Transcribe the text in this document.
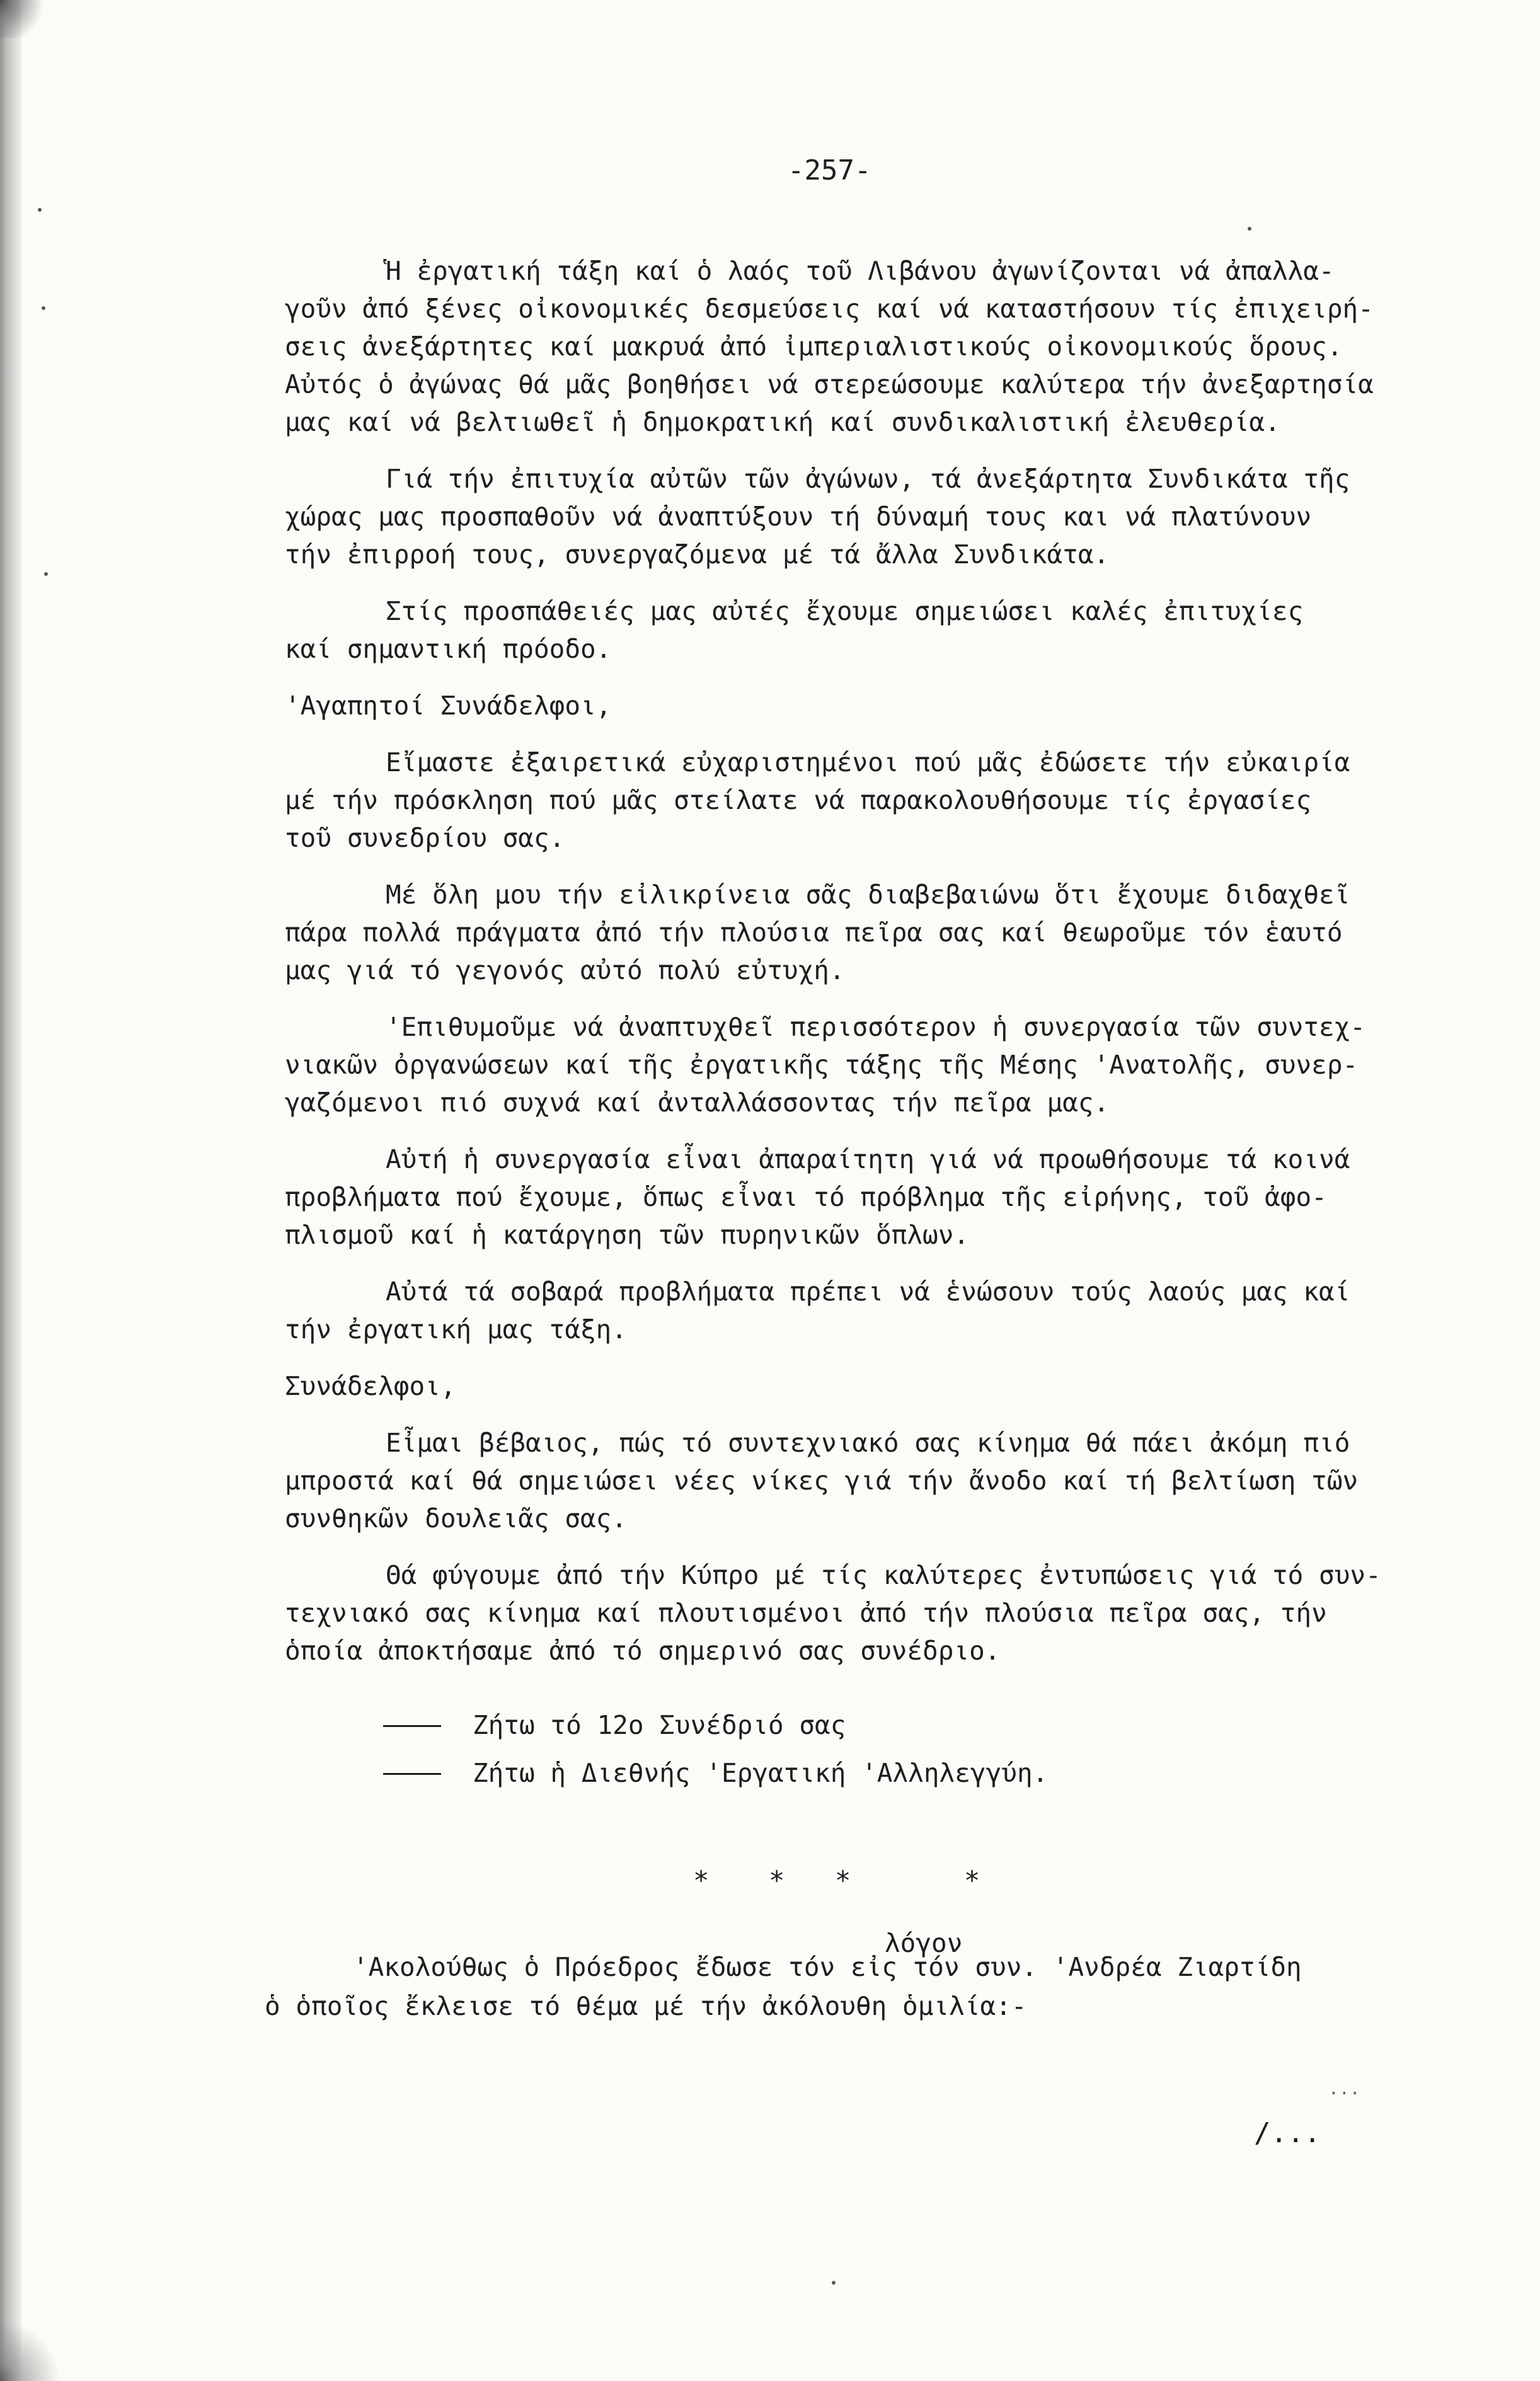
-257-
Ἡ ἐργατική τάξη καί ὁ λαός τοῦ Λιβάνου ἀγωνίζονται νά ἀπαλλα-
γοῦν ἀπό ξένες οἰκονομικές δεσμεύσεις καί νά καταστήσουν τίς ἐπιχειρή-
σεις ἀνεξάρτητες καί μακρυά ἀπό ἰμπεριαλιστικούς οἰκονομικούς ὅρους.
Αὐτός ὁ ἀγώνας θά μᾶς βοηθήσει νά στερεώσουμε καλύτερα τήν ἀνεξαρτησία
μας καί νά βελτιωθεῖ ἡ δημοκρατική καί συνδικαλιστική ἐλευθερία.
Γιά τήν ἐπιτυχία αὐτῶν τῶν ἀγώνων, τά ἀνεξάρτητα Συνδικάτα τῆς
χώρας μας προσπαθοῦν νά ἀναπτύξουν τή δύναμή τους και νά πλατύνουν
τήν ἐπιρροή τους, συνεργαζόμενα μέ τά ἄλλα Συνδικάτα.
Στίς προσπάθειές μας αὐτές ἔχουμε σημειώσει καλές ἐπιτυχίες
καί σημαντική πρόοδο.
'Αγαπητοί Συνάδελφοι,
Εἴμαστε ἐξαιρετικά εὐχαριστημένοι πού μᾶς ἐδώσετε τήν εὐκαιρία
μέ τήν πρόσκληση πού μᾶς στείλατε νά παρακολουθήσουμε τίς ἐργασίες
τοῦ συνεδρίου σας.
Μέ ὅλη μου τήν εἰλικρίνεια σᾶς διαβεβαιώνω ὅτι ἔχουμε διδαχθεῖ
πάρα πολλά πράγματα ἀπό τήν πλούσια πεῖρα σας καί θεωροῦμε τόν ἑαυτό
μας γιά τό γεγονός αὐτό πολύ εὐτυχή.
'Επιθυμοῦμε νά ἀναπτυχθεῖ περισσότερον ἡ συνεργασία τῶν συντεχ-
νιακῶν ὀργανώσεων καί τῆς ἐργατικῆς τάξης τῆς Μέσης 'Ανατολῆς, συνερ-
γαζόμενοι πιό συχνά καί ἀνταλλάσσοντας τήν πεῖρα μας.
Αὐτή ἡ συνεργασία εἶναι ἀπαραίτητη γιά νά προωθήσουμε τά κοινά
προβλήματα πού ἔχουμε, ὅπως εἶναι τό πρόβλημα τῆς εἰρήνης, τοῦ ἀφο-
πλισμοῦ καί ἡ κατάργηση τῶν πυρηνικῶν ὅπλων.
Αὐτά τά σοβαρά προβλήματα πρέπει νά ἑνώσουν τούς λαούς μας καί
τήν ἐργατική μας τάξη.
Συνάδελφοι,
Εἶμαι βέβαιος, πώς τό συντεχνιακό σας κίνημα θά πάει ἀκόμη πιό
μπροστά καί θά σημειώσει νέες νίκες γιά τήν ἄνοδο καί τή βελτίωση τῶν
συνθηκῶν δουλειᾶς σας.
Θά φύγουμε ἀπό τήν Κύπρο μέ τίς καλύτερες ἐντυπώσεις γιά τό συν-
τεχνιακό σας κίνημα καί πλουτισμένοι ἀπό τήν πλούσια πεῖρα σας, τήν
ὁποία ἀποκτήσαμε ἀπό τό σημερινό σας συνέδριο.
Ζήτω τό 12ο Συνέδριό σας
Ζήτω ἡ Διεθνής 'Εργατική 'Αλληλεγγύη.
* * *	*
λόγον
'Ακολούθως ὁ Πρόεδρος ἔδωσε τόν εἰς τόν συν. 'Ανδρέα Ζιαρτίδη
ὁ ὁποῖος ἔκλεισε τό θέμα μέ τήν ἀκόλουθη ὁμιλία:-
...
/...
